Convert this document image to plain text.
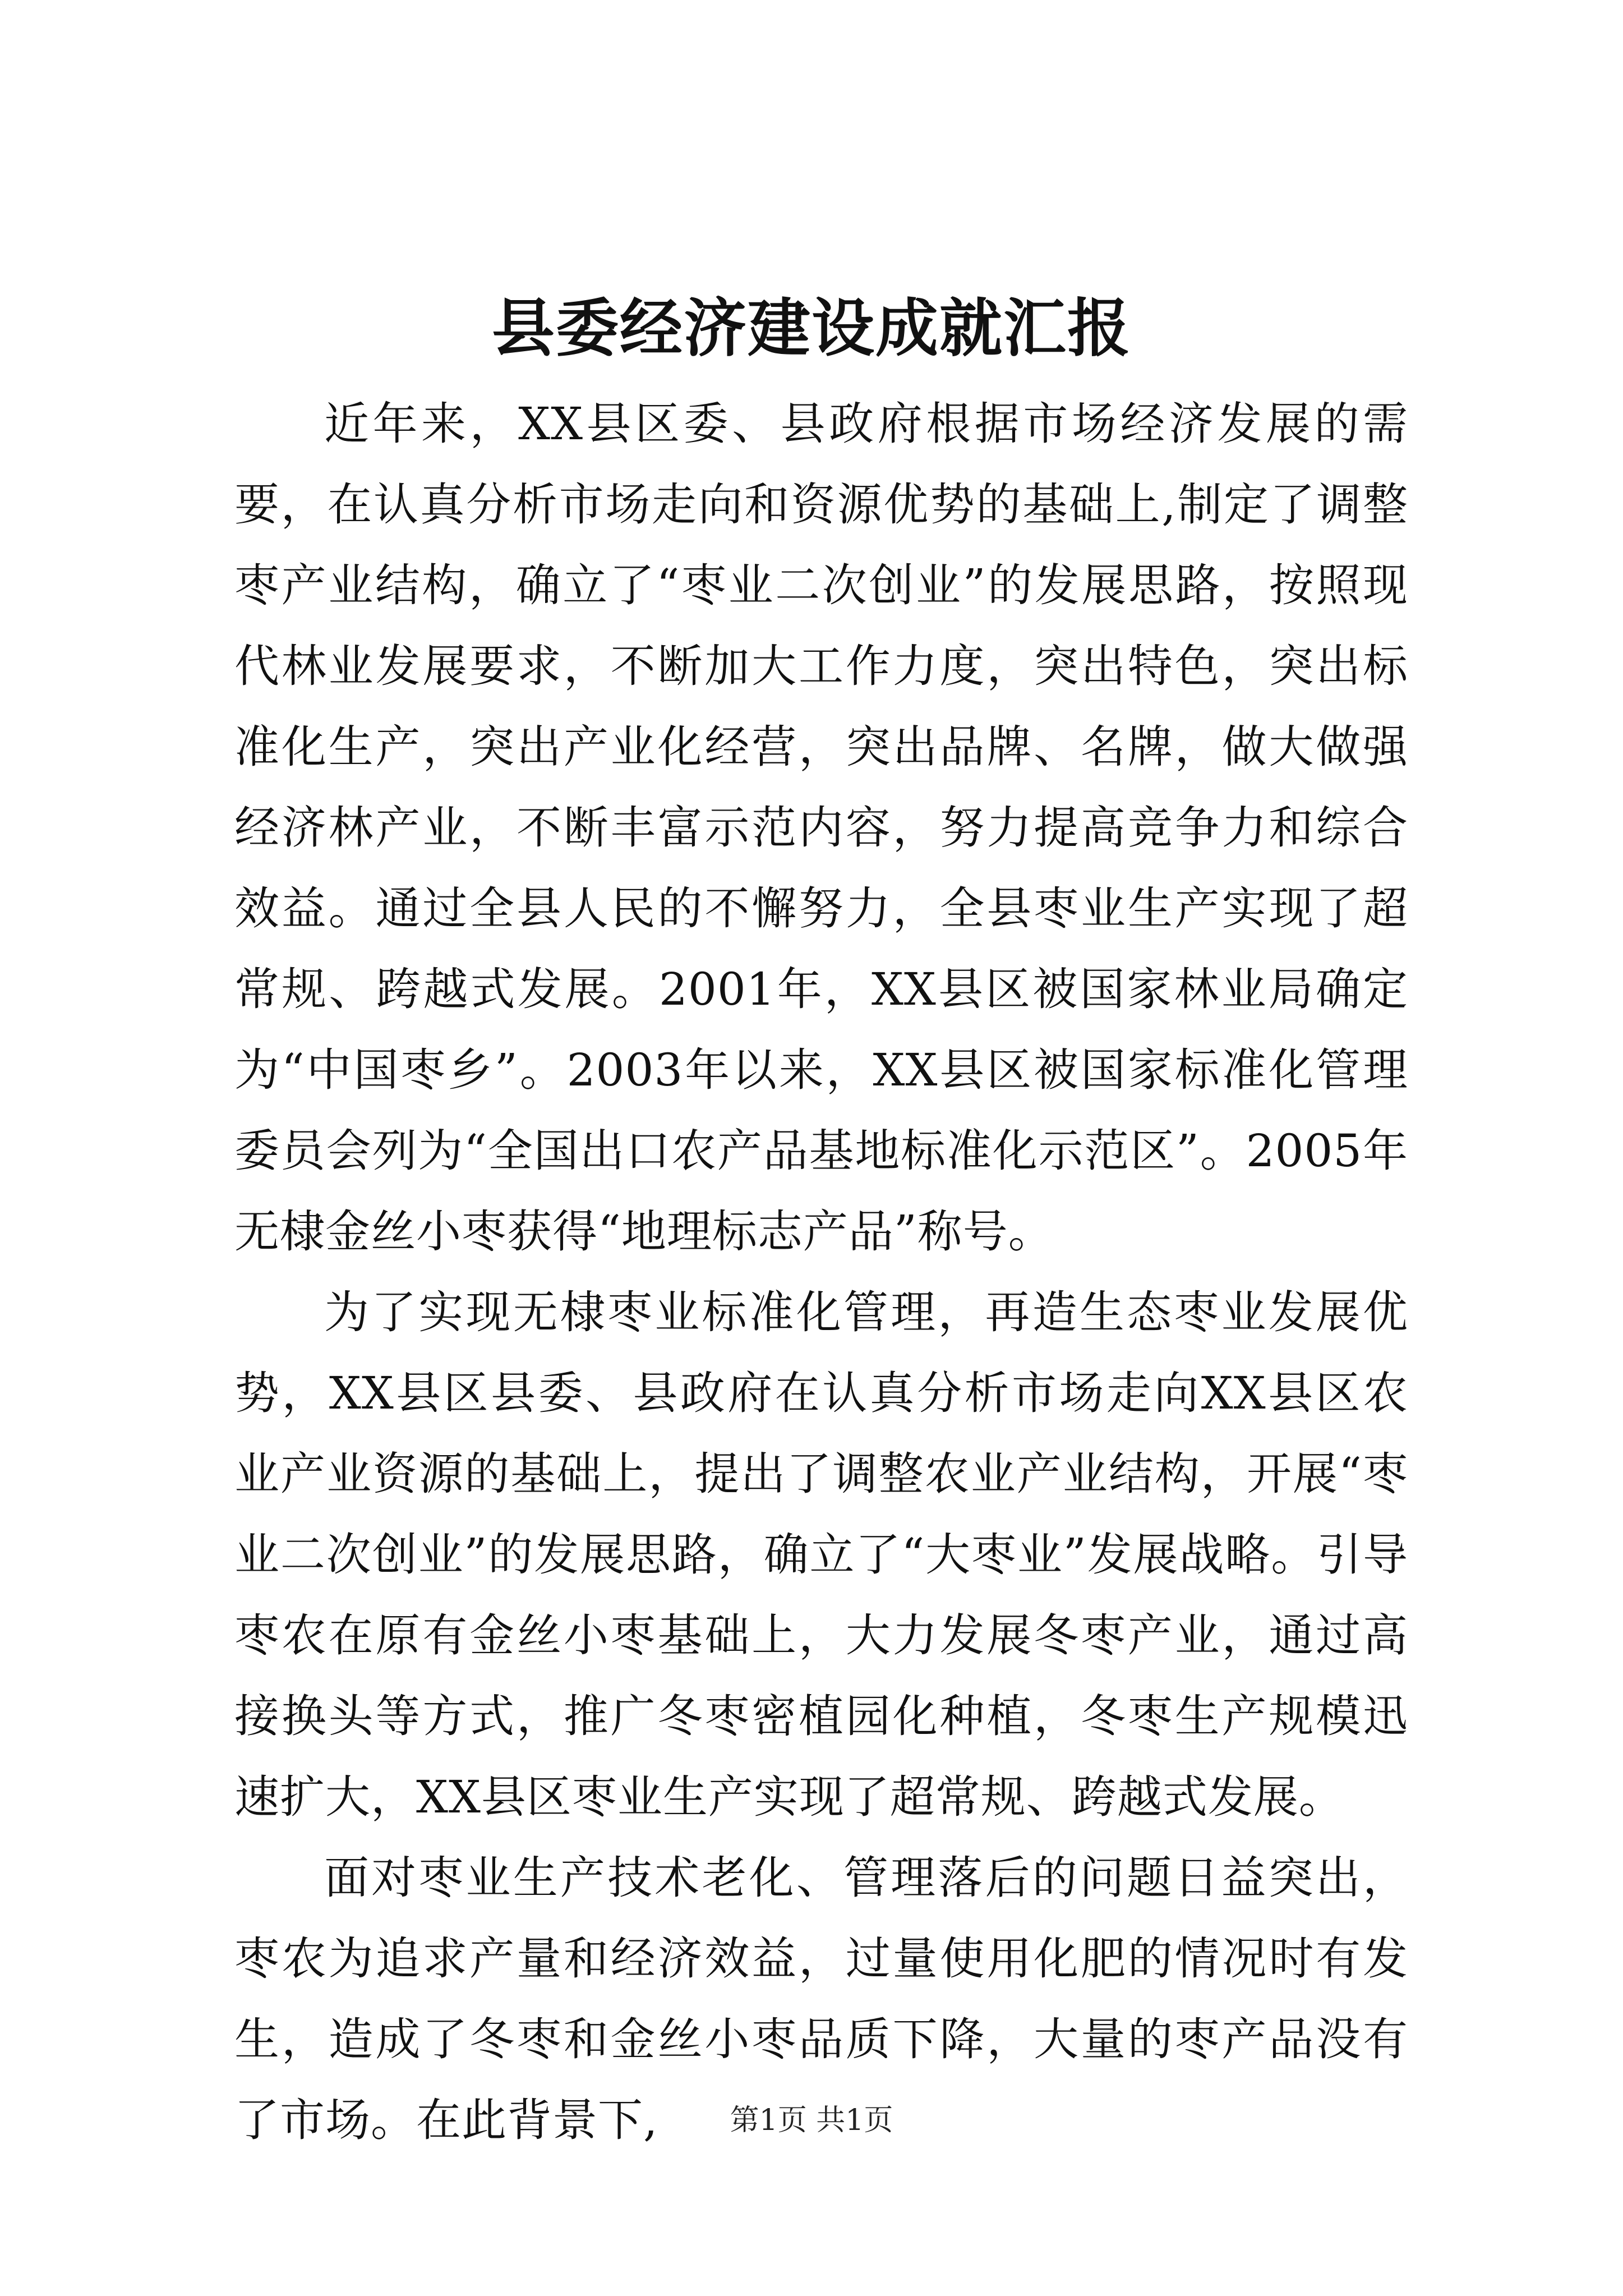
县委经济建设成就汇报

近年来，XX县区委、县政府根据市场经济发展的需要，在认真分析市场走向和资源优势的基础上,制定了调整枣产业结构，确立了“枣业二次创业”的发展思路，按照现代林业发展要求，不断加大工作力度，突出特色，突出标准化生产，突出产业化经营，突出品牌、名牌，做大做强经济林产业，不断丰富示范内容，努力提高竞争力和综合效益。通过全县人民的不懈努力，全县枣业生产实现了超常规、跨越式发展。2001年，XX县区被国家林业局确定为“中国枣乡”。2003年以来，XX县区被国家标准化管理委员会列为“全国出口农产品基地标准化示范区”。2005年无棣金丝小枣获得“地理标志产品”称号。

为了实现无棣枣业标准化管理，再造生态枣业发展优势，XX县区县委、县政府在认真分析市场走向XX县区农业产业资源的基础上，提出了调整农业产业结构，开展“枣业二次创业”的发展思路，确立了“大枣业”发展战略。引导枣农在原有金丝小枣基础上，大力发展冬枣产业，通过高接换头等方式，推广冬枣密植园化种植，冬枣生产规模迅速扩大，XX县区枣业生产实现了超常规、跨越式发展。

面对枣业生产技术老化、管理落后的问题日益突出，枣农为追求产量和经济效益，过量使用化肥的情况时有发生，造成了冬枣和金丝小枣品质下降，大量的枣产品没有了市场。在此背景下,	第1页 共1页
